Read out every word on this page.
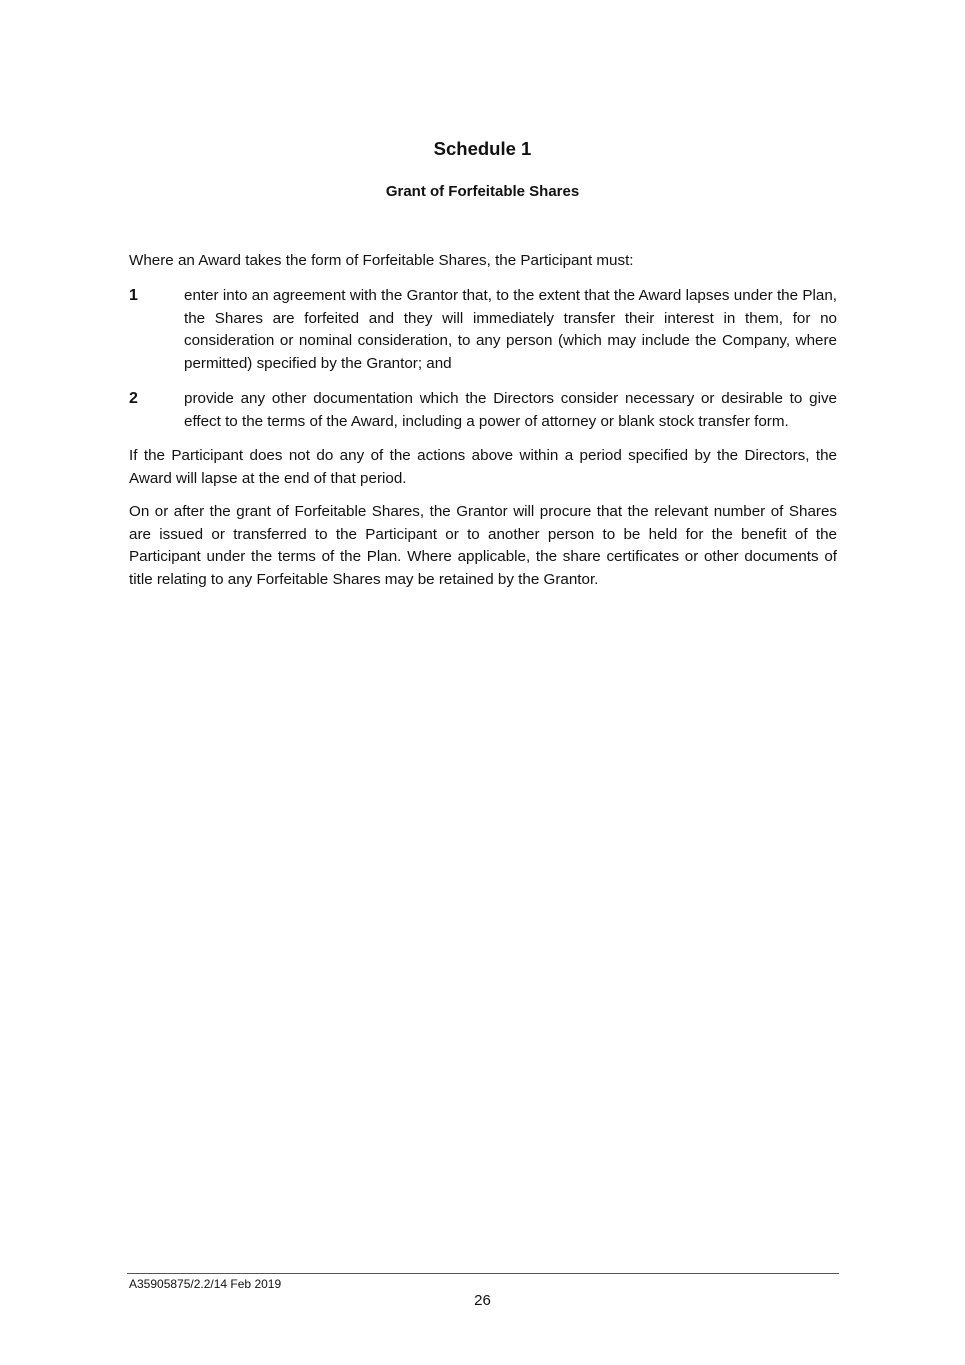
Schedule 1
Grant of Forfeitable Shares
Where an Award takes the form of Forfeitable Shares, the Participant must:
1	enter into an agreement with the Grantor that, to the extent that the Award lapses under the Plan, the Shares are forfeited and they will immediately transfer their interest in them, for no consideration or nominal consideration, to any person (which may include the Company, where permitted) specified by the Grantor; and
2	provide any other documentation which the Directors consider necessary or desirable to give effect to the terms of the Award, including a power of attorney or blank stock transfer form.
If the Participant does not do any of the actions above within a period specified by the Directors, the Award will lapse at the end of that period.
On or after the grant of Forfeitable Shares, the Grantor will procure that the relevant number of Shares are issued or transferred to the Participant or to another person to be held for the benefit of the Participant under the terms of the Plan. Where applicable, the share certificates or other documents of title relating to any Forfeitable Shares may be retained by the Grantor.
A35905875/2.2/14 Feb 2019
26
